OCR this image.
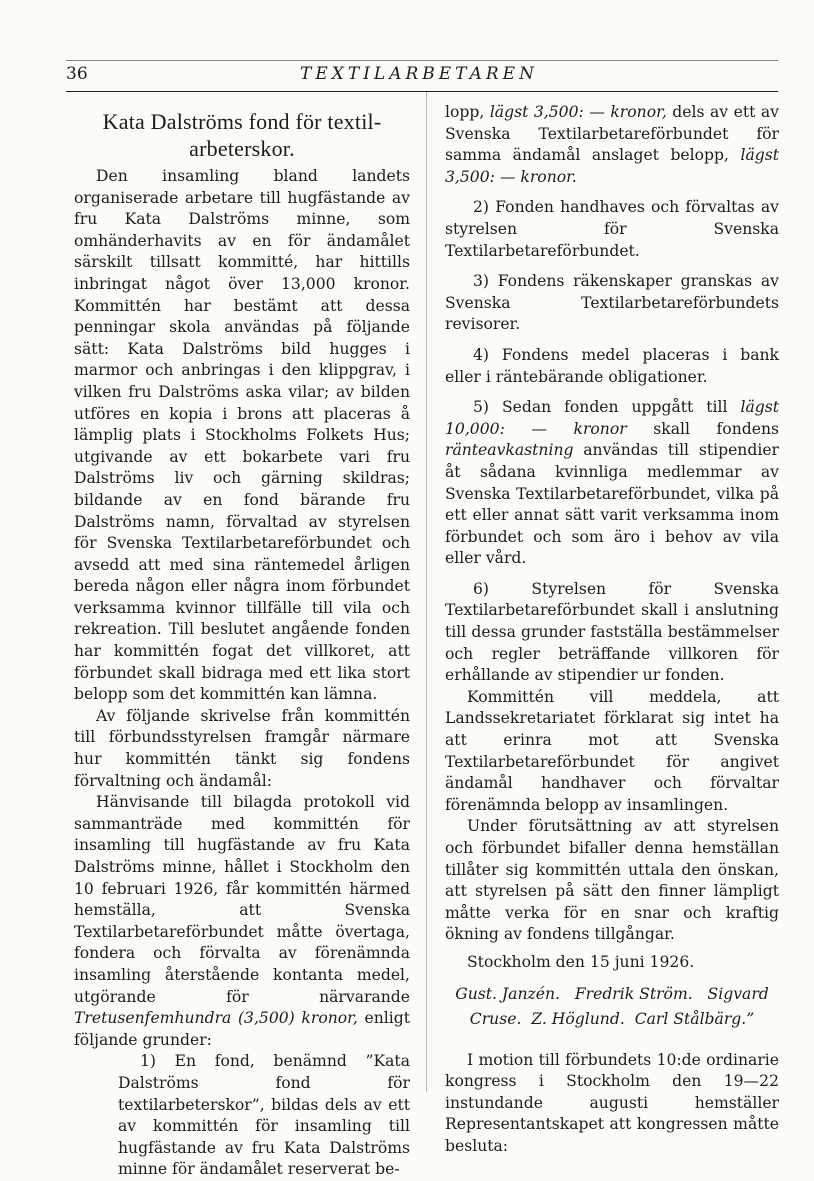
36	TEXTILARBETAREN

Kata Dalströms fond för textil- arbeterskor.

Den insamling bland landets organiserade arbetare till hugfästande av fru Kata Dalströms minne, som omhänderhavits av en för ändamålet särskilt tillsatt kommitté, har hittills inbringat något över 13,000 kronor. Kommittén har bestämt att dessa penningar skola användas på följande sätt: Kata Dalströms bild hugges i marmor och anbringas i den klippgrav, i vilken fru Dalströms aska vilar; av bilden utföres en kopia i brons att placeras å lämplig plats i Stockholms Folkets Hus; utgivande av ett bokarbete vari fru Dalströms liv och gärning skildras; bildande av en fond bärande fru Dalströms namn, förvaltad av styrelsen för Svenska Textilarbetareförbundet och avsedd att med sina räntemedel årligen bereda någon eller några inom förbundet verksamma kvinnor tillfälle till vila och rekreation. Till beslutet angående fonden har kommittén fogat det villkoret, att förbundet skall bidraga med ett lika stort belopp som det kommittén kan lämna.

Av följande skrivelse från kommittén till förbundsstyrelsen framgår närmare hur kommittén tänkt sig fondens förvaltning och ändamål:

Hänvisande till bilagda protokoll vid sammanträde med kommittén för insamling till hugfästande av fru Kata Dalströms minne, hållet i Stockholm den 10 februari 1926, får kommittén härmed hemställa, att Svenska Textilarbetareförbundet måtte övertaga, fondera och förvalta av förenämnda insamling återstående kontanta medel, utgörande för närvarande Tretusenfemhundra (3,500) kronor, enligt följande grunder:

1) En fond, benämnd ”Kata Dalströms fond för textilarbeterskor”, bildas dels av ett av kommittén för insamling till hugfästande av fru Kata Dalströms minne för ändamålet reserverat be-

lopp, lägst 3,500: — kronor, dels av ett av Svenska Textilarbetareförbundet för samma ändamål anslaget belopp, lägst 3,500: — kronor.

2) Fonden handhaves och förvaltas av styrelsen för Svenska Textilarbetareförbundet.

3) Fondens räkenskaper granskas av Svenska Textilarbetareförbundets revisorer.

4) Fondens medel placeras i bank eller i räntebärande obligationer.

5) Sedan fonden uppgått till lägst 10,000: — kronor skall fondens ränteavkastning användas till stipendier åt sådana kvinnliga medlemmar av Svenska Textilarbetareförbundet, vilka på ett eller annat sätt varit verksamma inom förbundet och som äro i behov av vila eller vård.

6) Styrelsen för Svenska Textilarbetareförbundet skall i anslutning till dessa grunder fastställa bestämmelser och regler beträffande villkoren för erhållande av stipendier ur fonden.

Kommittén vill meddela, att Landssekretariatet förklarat sig intet ha att erinra mot att Svenska Textilarbetareförbundet för angivet ändamål handhaver och förvaltar förenämnda belopp av insamlingen.

Under förutsättning av att styrelsen och förbundet bifaller denna hemställan tillåter sig kommittén uttala den önskan, att styrelsen på sätt den finner lämpligt måtte verka för en snar och kraftig ökning av fondens tillgångar.

Stockholm den 15 juni 1926.

Gust. Janzén.   Fredrik Ström.   Sigvard
Cruse.  Z. Höglund.  Carl Stålbärg.”

I motion till förbundets 10:de ordinarie kongress i Stockholm den 19—22 instundande augusti hemställer Representantskapet att kongressen måtte besluta:
